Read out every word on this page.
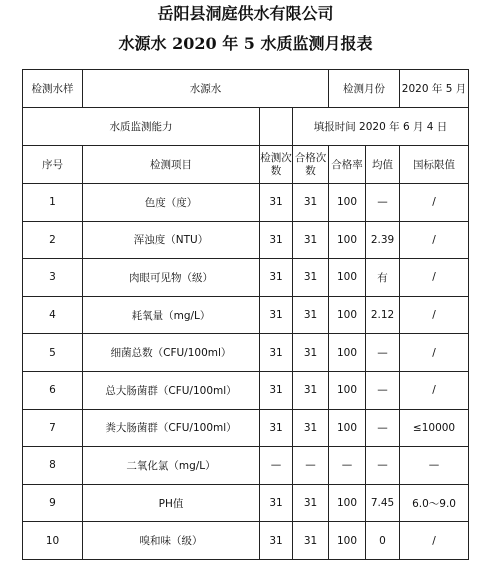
岳阳县洞庭供水有限公司
水源水 2020 年 5 水质监测月报表
检测水样	水源水			检测月份		2020 年 5 月
水质监测能力			填报时间 2020 年 6 月 4 日			
序号	检测项目	检测次数	合格次数	合格率	均值	国标限值
1	色度（度）	31	31	100	—	/
2	浑浊度（NTU）	31	31	100	2.39	/
3	肉眼可见物（级）	31	31	100	有	/
4	耗氧量（mg/L）	31	31	100	2.12	/
5	细菌总数（CFU/100ml）	31	31	100	—	/
6	总大肠菌群（CFU/100ml）	31	31	100	—	/
7	粪大肠菌群（CFU/100ml）	31	31	100	—	≤10000
8	二氧化氯（mg/L）	—	—	—	—	—
9	PH值	31	31	100	7.45	6.0～9.0
10	嗅和味（级）	31	31	100	0	/
